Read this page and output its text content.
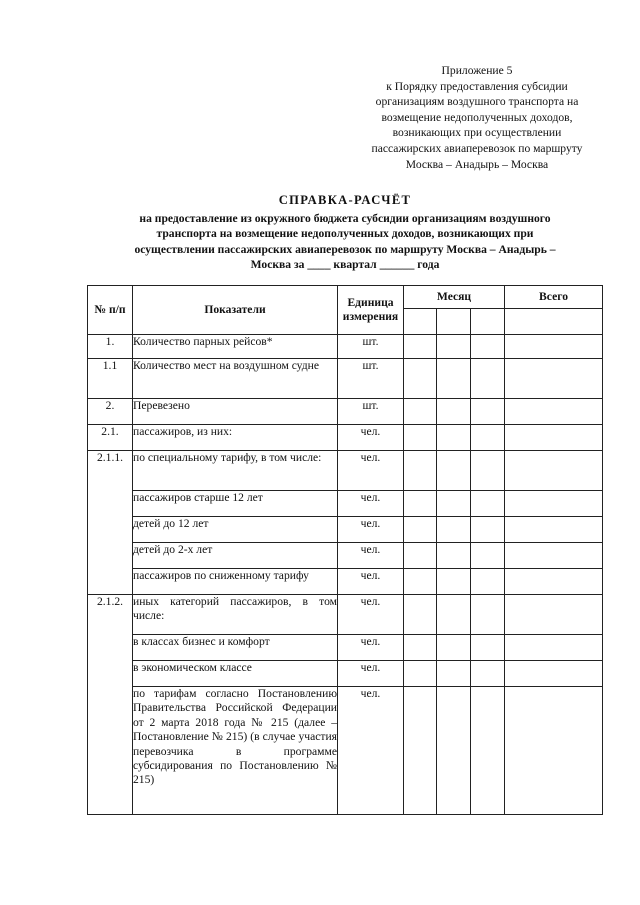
Приложение 5
к Порядку предоставления субсидии
организациям воздушного транспорта на
возмещение недополученных доходов,
возникающих при осуществлении
пассажирских авиаперевозок по маршруту
Москва – Анадырь – Москва
СПРАВКА-РАСЧЁТ
на предоставление из окружного бюджета субсидии организациям воздушного
транспорта на возмещение недополученных доходов, возникающих при
осуществлении пассажирских авиаперевозок по маршруту Москва – Анадырь –
Москва за ____ квартал ______ года
№ п/п	Показатели	Единица измерения	Месяц			Всего

1.	Количество парных рейсов*	шт.				
1.1	Количество мест на воздушном судне	шт.				
2.	Перевезено	шт.				
2.1.	пассажиров, из них:	чел.				
2.1.1.	по специальному тарифу, в том числе:	чел.				
	пассажиров старше 12 лет	чел.				
	детей до 12 лет	чел.				
	детей до 2-х лет	чел.				
	пассажиров по сниженному тарифу	чел.				
2.1.2.	иных категорий пассажиров, в том числе:	чел.				
	в классах бизнес и комфорт	чел.				
	в экономическом классе	чел.				
	по тарифам согласно Постановлению Правительства Российской Федерации от 2 марта 2018 года № 215 (далее – Постановление № 215) (в случае участия перевозчика в программе субсидирования по Постановлению № 215)	чел.				
